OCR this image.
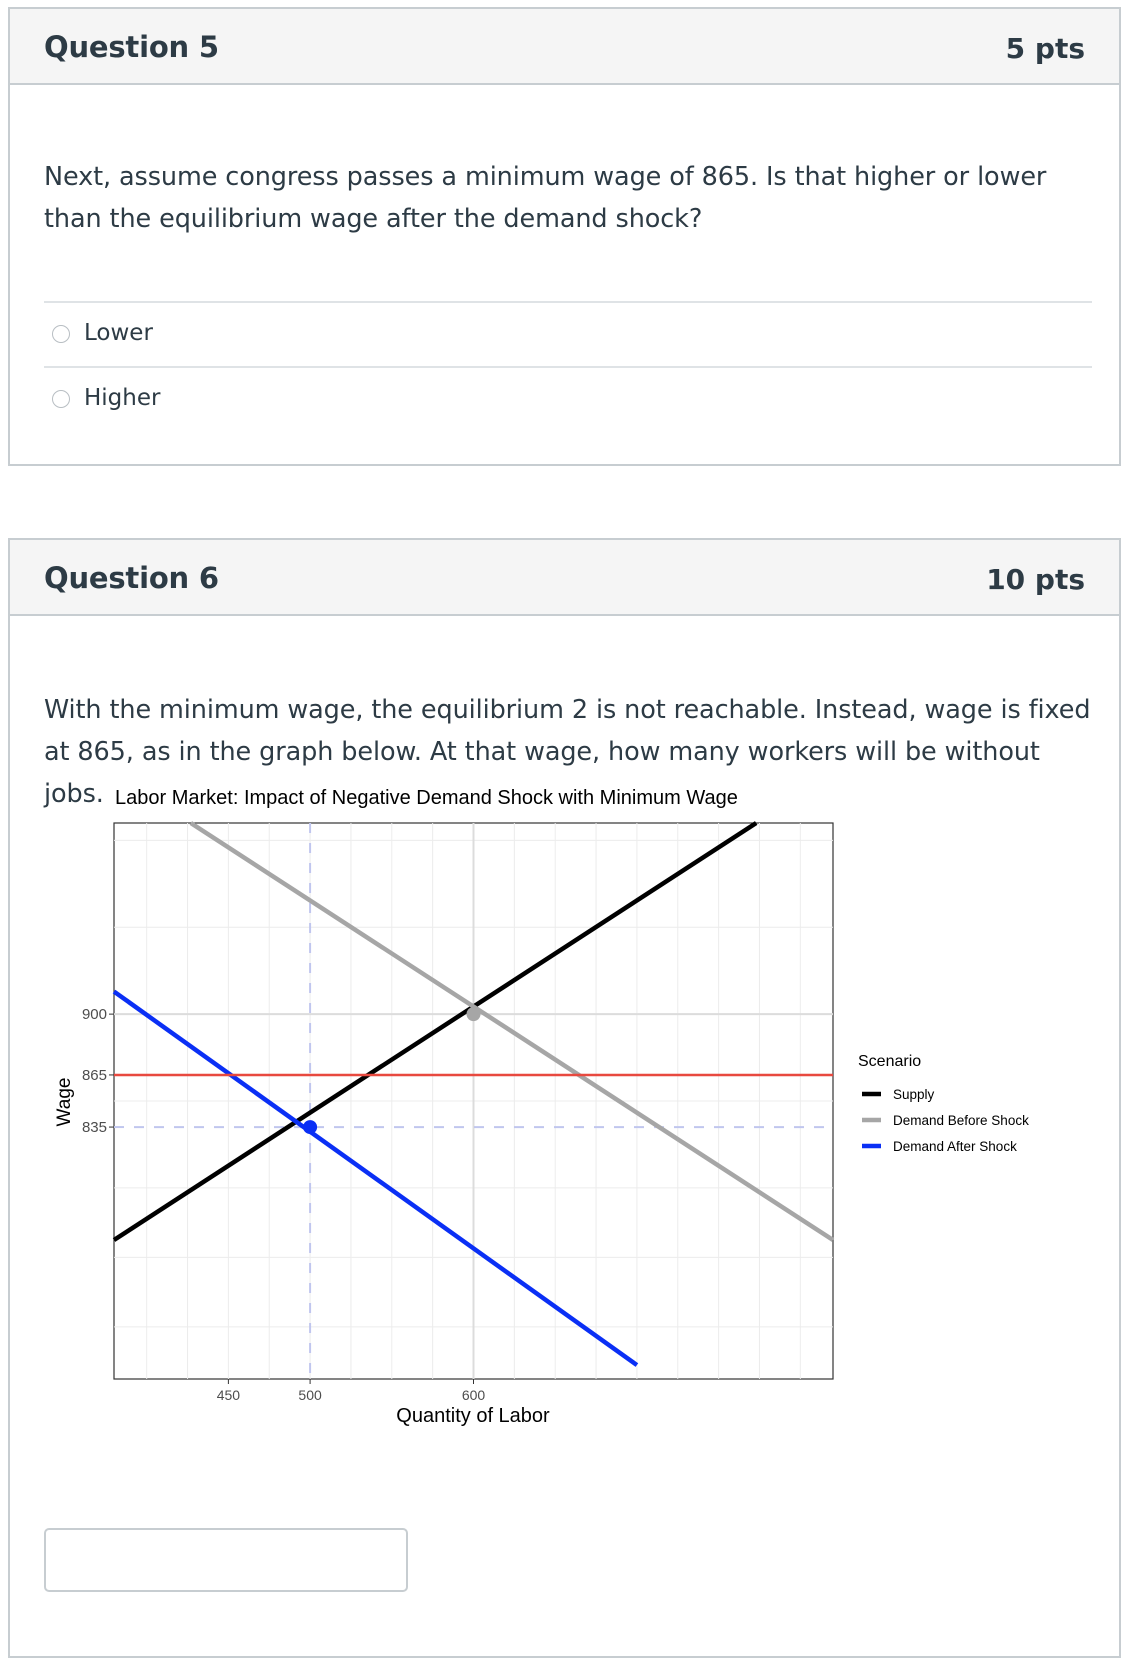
Question 5	5 pts
Next, assume congress passes a minimum wage of 865. Is that higher or lower than the equilibrium wage after the demand shock?
Lower
Higher
Question 6	10 pts
With the minimum wage, the equilibrium 2 is not reachable. Instead, wage is fixed at 865, as in the graph below. At that wage, how many workers will be without jobs. Labor Market: Impact of Negative Demand Shock with Minimum Wage
450	500	600
835
865
900
Quantity of Labor
Wage
Scenario
Supply
Demand Before Shock
Demand After Shock
